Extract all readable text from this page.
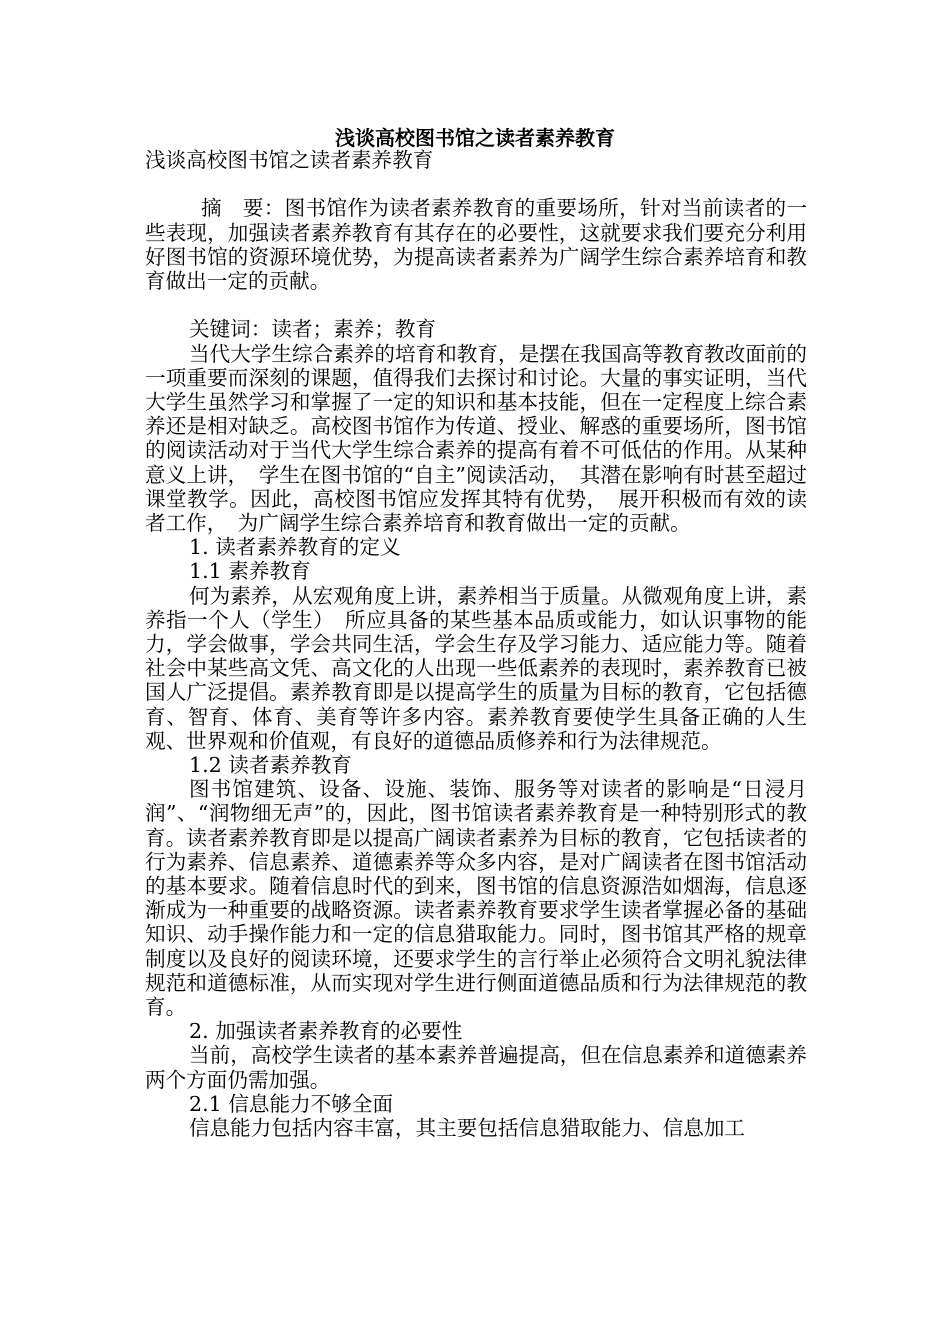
浅谈高校图书馆之读者素养教育

浅谈高校图书馆之读者素养教育

摘　要：图书馆作为读者素养教育的重要场所，针对当前读者的一些表现，加强读者素养教育有其存在的必要性，这就要求我们要充分利用好图书馆的资源环境优势，为提高读者素养为广阔学生综合素养培育和教育做出一定的贡献。

关键词：读者；素养；教育

当代大学生综合素养的培育和教育，是摆在我国高等教育教改面前的一项重要而深刻的课题，值得我们去探讨和讨论。大量的事实证明，当代大学生虽然学习和掌握了一定的知识和基本技能，但在一定程度上综合素养还是相对缺乏。高校图书馆作为传道、授业、解惑的重要场所，图书馆的阅读活动对于当代大学生综合素养的提高有着不可低估的作用。从某种意义上讲，　学生在图书馆的“自主”阅读活动，　其潜在影响有时甚至超过课堂教学。因此，高校图书馆应发挥其特有优势，　展开积极而有效的读者工作，　为广阔学生综合素养培育和教育做出一定的贡献。

1. 读者素养教育的定义

1.1 素养教育

何为素养，从宏观角度上讲，素养相当于质量。从微观角度上讲，素养指一个人（学生）　所应具备的某些基本品质或能力，如认识事物的能力，学会做事，学会共同生活，学会生存及学习能力、适应能力等。随着社会中某些高文凭、高文化的人出现一些低素养的表现时，素养教育已被国人广泛提倡。素养教育即是以提高学生的质量为目标的教育，它包括德育、智育、体育、美育等许多内容。素养教育要使学生具备正确的人生观、世界观和价值观，有良好的道德品质修养和行为法律规范。

1.2 读者素养教育

图书馆建筑、设备、设施、装饰、服务等对读者的影响是“日浸月润”、“润物细无声”的，因此，图书馆读者素养教育是一种特别形式的教育。读者素养教育即是以提高广阔读者素养为目标的教育，它包括读者的行为素养、信息素养、道德素养等众多内容，是对广阔读者在图书馆活动的基本要求。随着信息时代的到来，图书馆的信息资源浩如烟海，信息逐渐成为一种重要的战略资源。读者素养教育要求学生读者掌握必备的基础知识、动手操作能力和一定的信息猎取能力。同时，图书馆其严格的规章制度以及良好的阅读环境，还要求学生的言行举止必须符合文明礼貌法律规范和道德标准，从而实现对学生进行侧面道德品质和行为法律规范的教育。

2. 加强读者素养教育的必要性

当前，高校学生读者的基本素养普遍提高，但在信息素养和道德素养两个方面仍需加强。

2.1 信息能力不够全面

信息能力包括内容丰富，其主要包括信息猎取能力、信息加工
